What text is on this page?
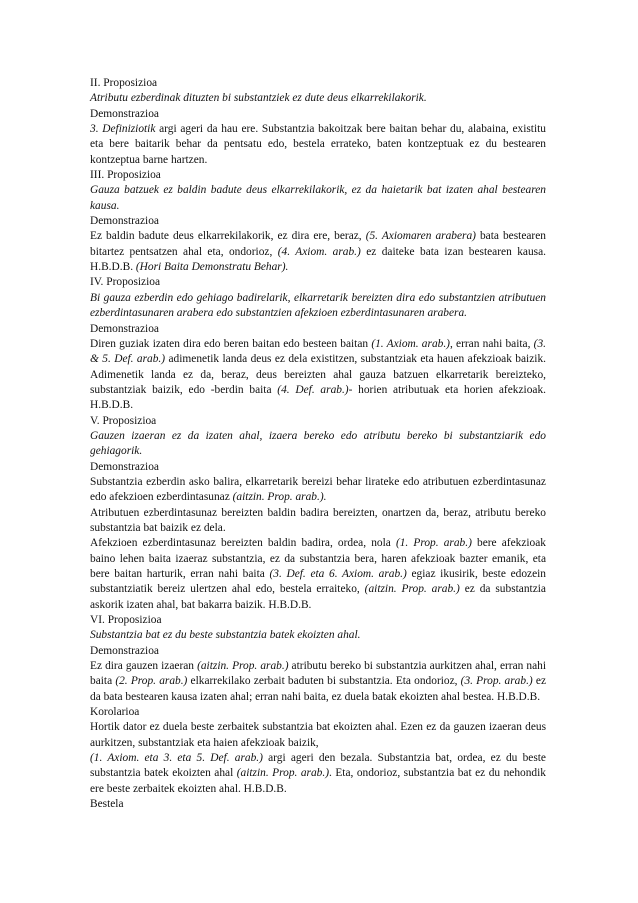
II. Proposizioa

Atributu ezberdinak dituzten bi substantziek ez dute deus elkarrekilakorik.

Demonstrazioa

3. Definiziotik argi ageri da hau ere. Substantzia bakoitzak bere baitan behar du, alabaina, existitu eta bere baitarik behar da pentsatu edo, bestela errateko, baten kontzeptuak ez du bestearen kontzeptua barne hartzen.

III. Proposizioa

Gauza batzuek ez baldin badute deus elkarrekilakorik, ez da haietarik bat izaten ahal bestearen kausa.

Demonstrazioa

Ez baldin badute deus elkarrekilakorik, ez dira ere, beraz, (5. Axiomaren arabera) bata bestearen bitartez pentsatzen ahal eta, ondorioz, (4. Axiom. arab.) ez daiteke bata izan bestearen kausa. H.B.D.B. (Hori Baita Demonstratu Behar).

IV. Proposizioa

Bi gauza ezberdin edo gehiago badirelarik, elkarretarik bereizten dira edo substantzien atributuen ezberdintasunaren arabera edo substantzien afekzioen ezberdintasunaren arabera.

Demonstrazioa

Diren guziak izaten dira edo beren baitan edo besteen baitan (1. Axiom. arab.), erran nahi baita, (3. & 5. Def. arab.) adimenetik landa deus ez dela existitzen, substantziak eta hauen afekzioak baizik. Adimenetik landa ez da, beraz, deus bereizten ahal gauza batzuen elkarretarik bereizteko, substantziak baizik, edo -berdin baita (4. Def. arab.)- horien atributuak eta horien afekzioak. H.B.D.B.

V. Proposizioa

Gauzen izaeran ez da izaten ahal, izaera bereko edo atributu bereko bi substantziarik edo gehiagorik.

Demonstrazioa

Substantzia ezberdin asko balira, elkarretarik bereizi behar lirateke edo atributuen ezberdintasunaz edo afekzioen ezberdintasunaz (aitzin. Prop. arab.).

Atributuen ezberdintasunaz bereizten baldin badira bereizten, onartzen da, beraz, atributu bereko substantzia bat baizik ez dela.

Afekzioen ezberdintasunaz bereizten baldin badira, ordea, nola (1. Prop. arab.) bere afekzioak baino lehen baita izaeraz substantzia, ez da substantzia bera, haren afekzioak bazter emanik, eta bere baitan harturik, erran nahi baita (3. Def. eta 6. Axiom. arab.) egiaz ikusirik, beste edozein substantziatik bereiz ulertzen ahal edo, bestela erraiteko, (aitzin. Prop. arab.) ez da substantzia askorik izaten ahal, bat bakarra baizik. H.B.D.B.

VI. Proposizioa

Substantzia bat ez du beste substantzia batek ekoizten ahal.

Demonstrazioa

Ez dira gauzen izaeran (aitzin. Prop. arab.) atributu bereko bi substantzia aurkitzen ahal, erran nahi baita (2. Prop. arab.) elkarrekilako zerbait baduten bi substantzia. Eta ondorioz, (3. Prop. arab.) ez da bata bestearen kausa izaten ahal; erran nahi baita, ez duela batak ekoizten ahal bestea. H.B.D.B.

Korolarioa

Hortik dator ez duela beste zerbaitek substantzia bat ekoizten ahal. Ezen ez da gauzen izaeran deus aurkitzen, substantziak eta haien afekzioak baizik,

(1. Axiom. eta 3. eta 5. Def. arab.) argi ageri den bezala. Substantzia bat, ordea, ez du beste substantzia batek ekoizten ahal (aitzin. Prop. arab.). Eta, ondorioz, substantzia bat ez du nehondik ere beste zerbaitek ekoizten ahal. H.B.D.B.

Bestela
